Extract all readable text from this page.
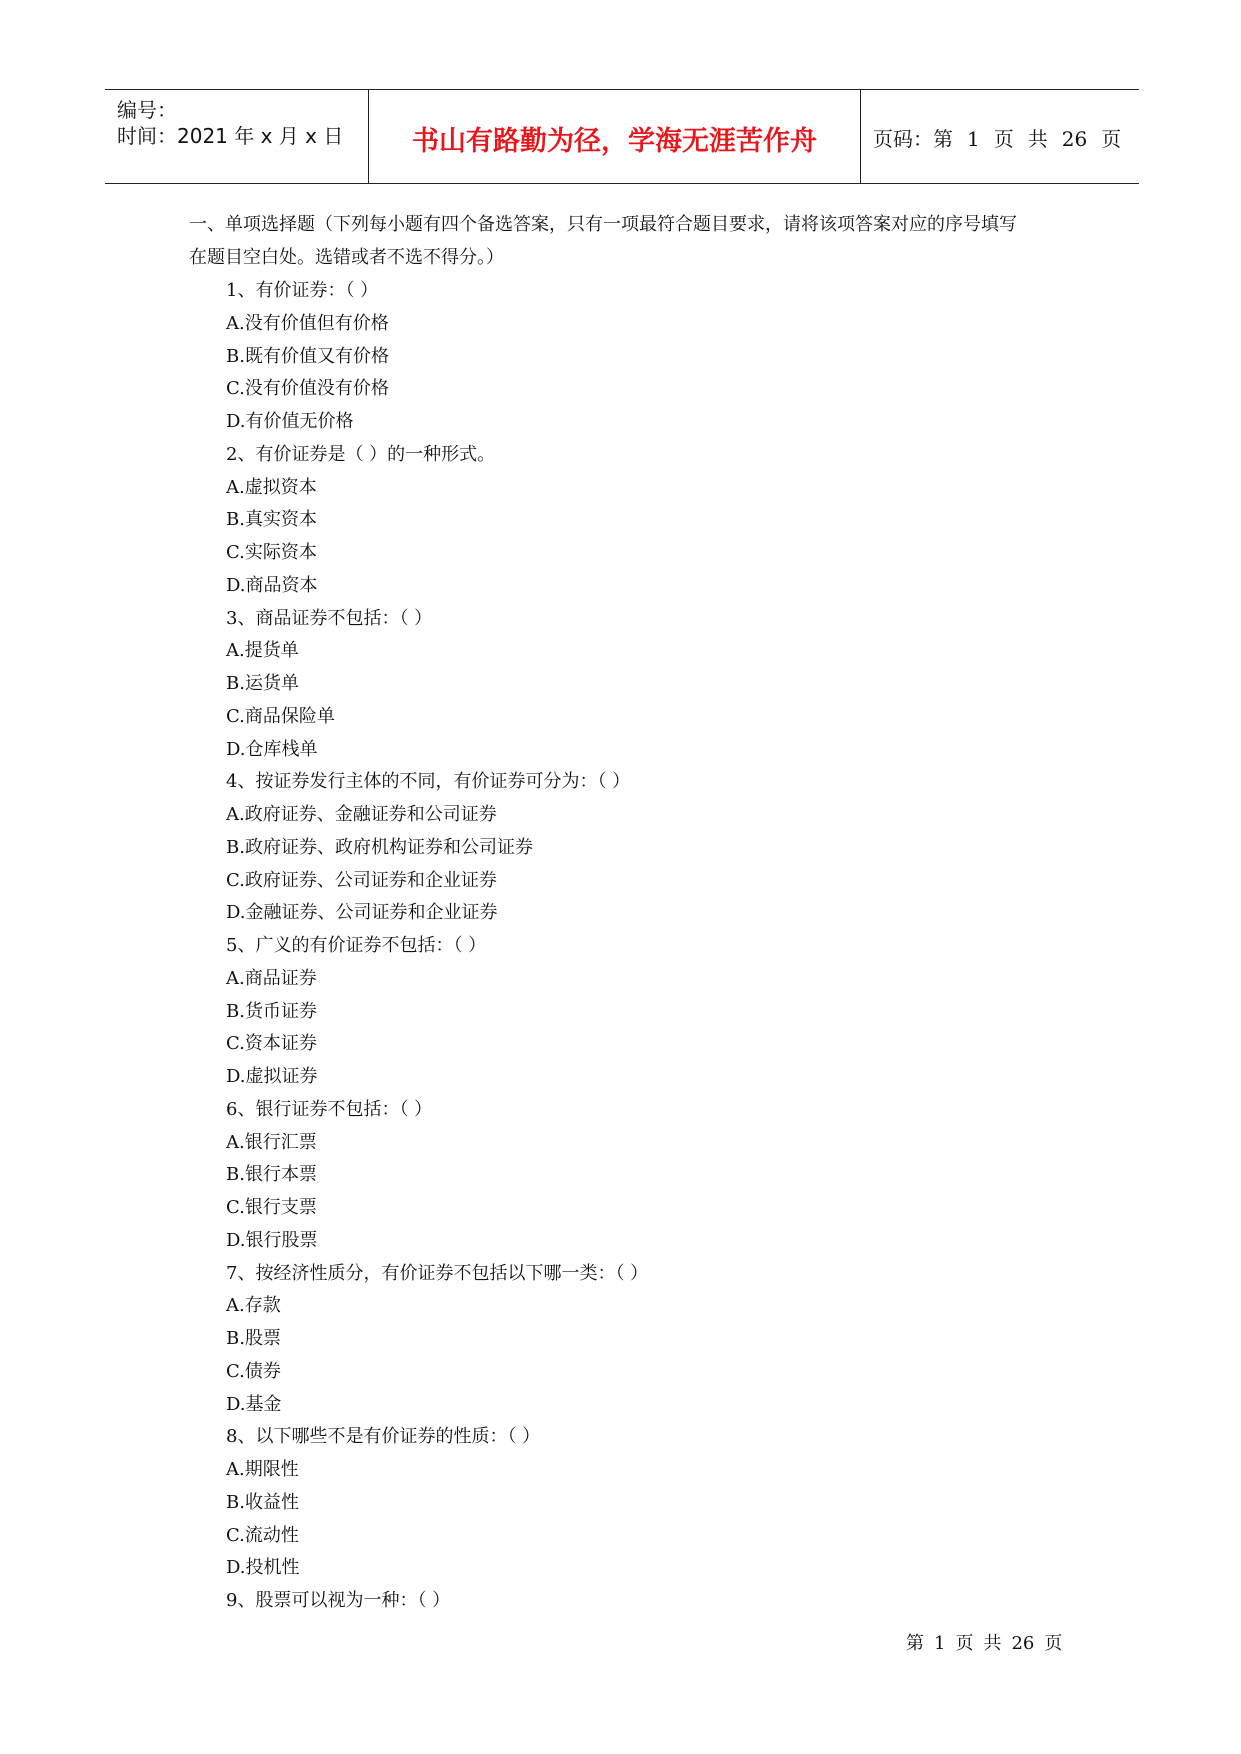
编号：
时间：2021 年 x 月 x 日	书山有路勤为径，学海无涯苦作舟	页码：第 1 页 共 26 页
一、单项选择题（下列每小题有四个备选答案，只有一项最符合题目要求，请将该项答案对应的序号填写
在题目空白处。选错或者不选不得分。）
1、有价证券：（ ）
A.没有价值但有价格
B.既有价值又有价格
C.没有价值没有价格
D.有价值无价格
2、有价证券是（ ）的一种形式。
A.虚拟资本
B.真实资本
C.实际资本
D.商品资本
3、商品证券不包括：（ ）
A.提货单
B.运货单
C.商品保险单
D.仓库栈单
4、按证券发行主体的不同，有价证券可分为：（ ）
A.政府证券、金融证券和公司证券
B.政府证券、政府机构证券和公司证券
C.政府证券、公司证券和企业证券
D.金融证券、公司证券和企业证券
5、广义的有价证券不包括：（ ）
A.商品证券
B.货币证券
C.资本证券
D.虚拟证券
6、银行证券不包括：（ ）
A.银行汇票
B.银行本票
C.银行支票
D.银行股票
7、按经济性质分，有价证券不包括以下哪一类：（ ）
A.存款
B.股票
C.债券
D.基金
8、以下哪些不是有价证券的性质：（ ）
A.期限性
B.收益性
C.流动性
D.投机性
9、股票可以视为一种：（ ）
第 1 页 共 26 页
